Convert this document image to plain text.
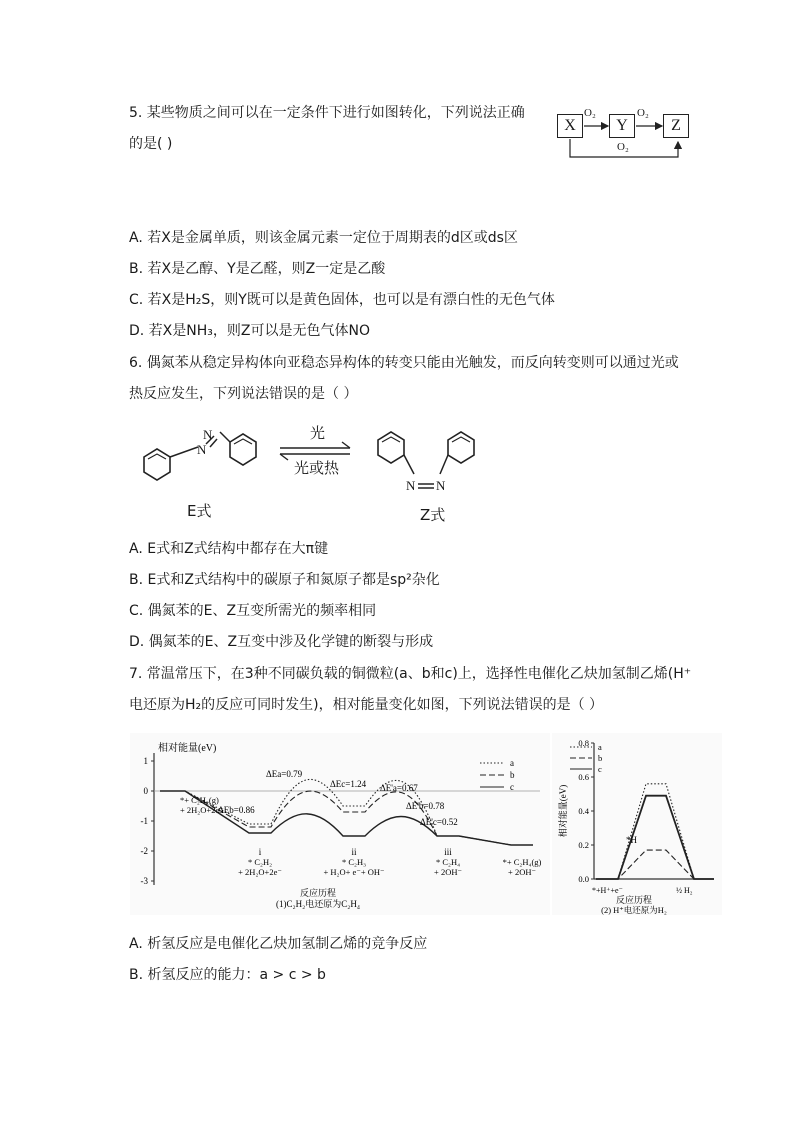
5. 某些物质之间可以在一定条件下进行如图转化，下列说法正确
的是( )
X	Y	Z
O₂	O₂
O₂
A. 若X是金属单质，则该金属元素一定位于周期表的d区或ds区
B. 若X是乙醇、Y是乙醛，则Z一定是乙酸
C. 若X是H₂S，则Y既可以是黄色固体，也可以是有漂白性的无色气体
D. 若X是NH₃，则Z可以是无色气体NO
6. 偶氮苯从稳定异构体向亚稳态异构体的转变只能由光触发，而反向转变则可以通过光或
热反应发生，下列说法错误的是（ ）
N
N
N N
光
光或热
E式	Z式
A. E式和Z式结构中都存在大π键
B. E式和Z式结构中的碳原子和氮原子都是sp²杂化
C. 偶氮苯的E、Z互变所需光的频率相同
D. 偶氮苯的E、Z互变中涉及化学键的断裂与形成
7. 常温常压下，在3种不同碳负载的铜微粒(a、b和c)上，选择性电催化乙炔加氢制乙烯(H⁺
电还原为H₂的反应可同时发生)，相对能量变化如图，下列说法错误的是（ ）
相对能量(eV)
1
0
-1
-2
-3
*+ C₂H₂(g)
+ 2H₂O+2e⁻
i
* C₂H₂
+ 2H₂O+2e⁻
ii
* C₂H₃
+ H₂O+ e⁻+ OH⁻
iii
* C₂H₄
+ 2OH⁻
*+ C₂H₄(g)
+ 2OH⁻
ΔEa=0.79
ΔEc=1.24
ΔEb=0.86
ΔE'a=0.67
ΔE'b=0.78
ΔE'c=0.52
a
b
c
反应历程
(1)C₂H₂电还原为C₂H₄
0.0
0.2
0.4
0.6
0.8
相对能量(eV)
*H
*+H⁺+e⁻	½ H₂
a
b
c
反应历程
(2) H⁺电还原为H₂
A. 析氢反应是电催化乙炔加氢制乙烯的竞争反应
B. 析氢反应的能力：a > c > b
